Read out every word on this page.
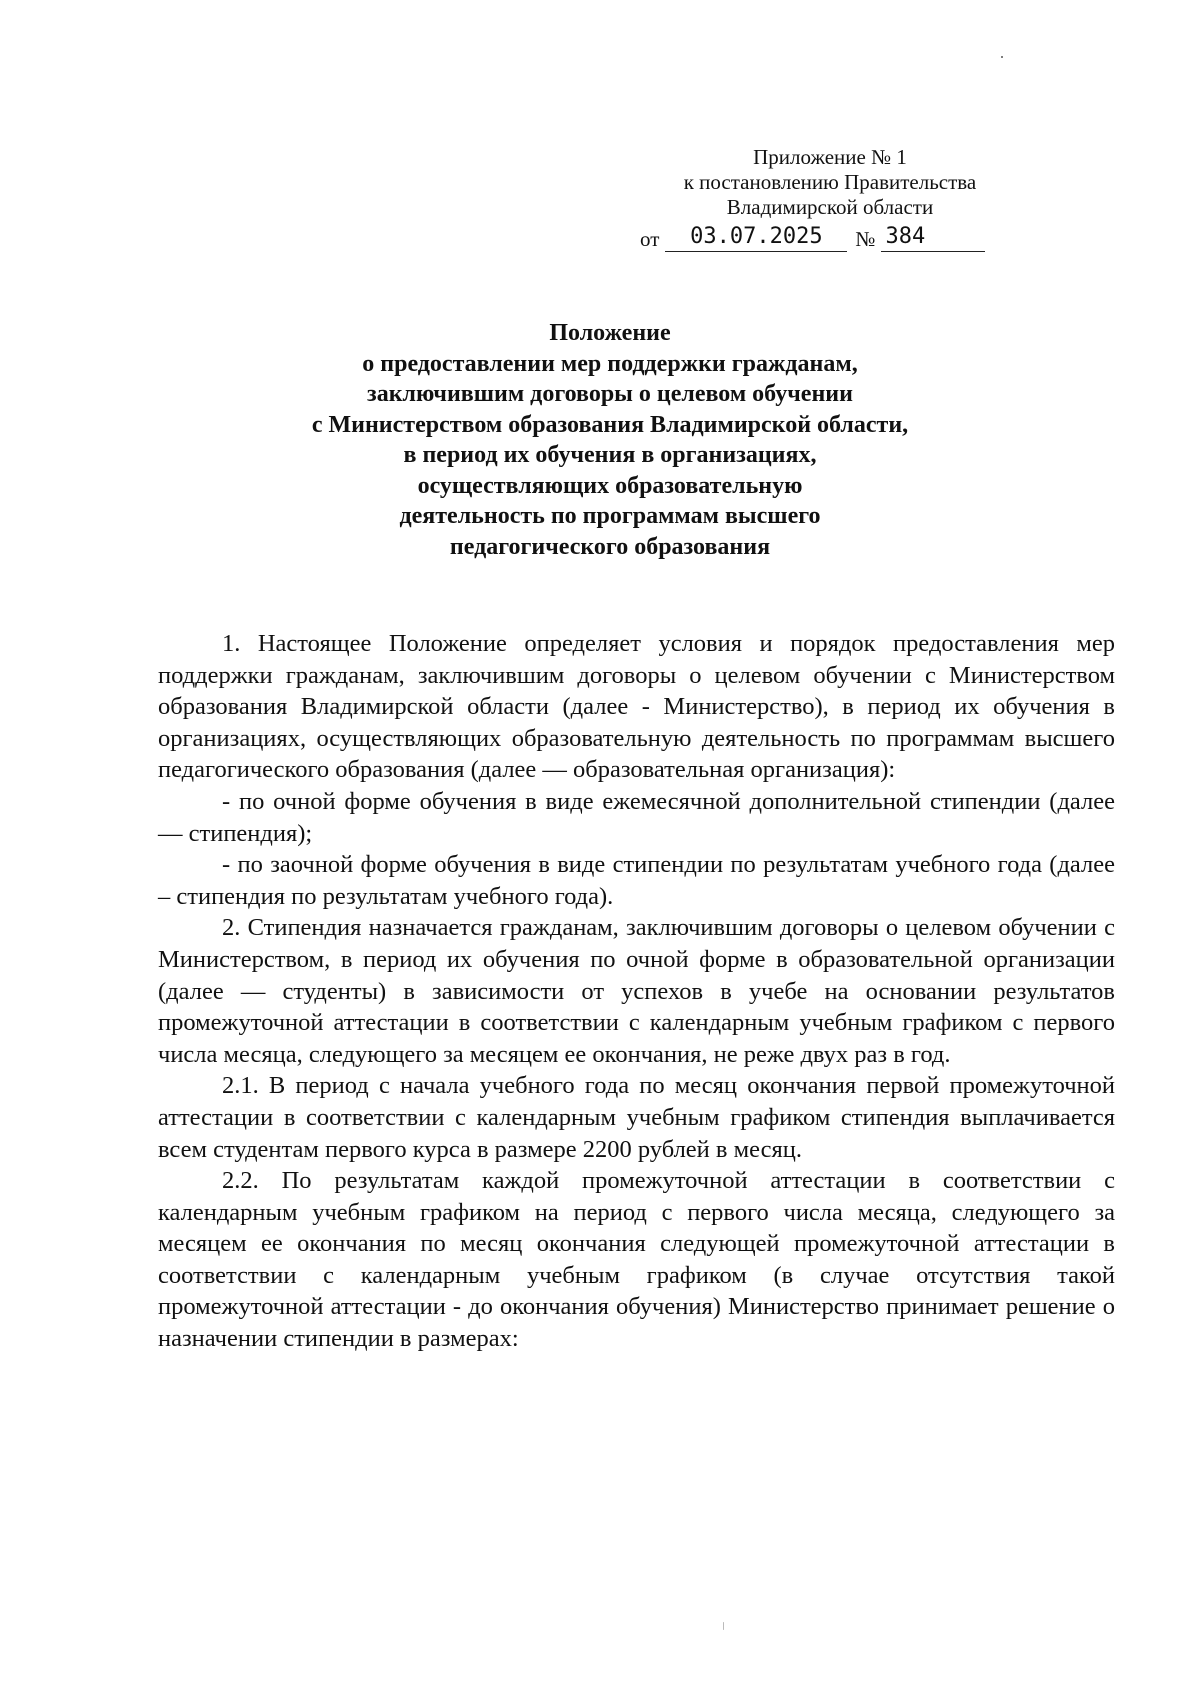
Приложение № 1
к постановлению Правительства
Владимирской области
от	03.07.2025	№ 384
Положение
о предоставлении мер поддержки гражданам,
заключившим договоры о целевом обучении
с Министерством образования Владимирской области,
в период их обучения в организациях,
осуществляющих образовательную
деятельность по программам высшего
педагогического образования

1. Настоящее Положение определяет условия и порядок предоставления мер поддержки гражданам, заключившим договоры о целевом обучении с Министерством образования Владимирской области (далее - Министерство), в период их обучения в организациях, осуществляющих образовательную деятельность по программам высшего педагогического образования (далее — образовательная организация):

- по очной форме обучения в виде ежемесячной дополнительной стипендии (далее — стипендия);

- по заочной форме обучения в виде стипендии по результатам учебного года (далее – стипендия по результатам учебного года).

2. Стипендия назначается гражданам, заключившим договоры о целевом обучении с Министерством, в период их обучения по очной форме в образовательной организации (далее — студенты) в зависимости от успехов в учебе на основании результатов промежуточной аттестации в соответствии с календарным учебным графиком с первого числа месяца, следующего за месяцем ее окончания, не реже двух раз в год.

2.1. В период с начала учебного года по месяц окончания первой промежуточной аттестации в соответствии с календарным учебным графиком стипендия выплачивается всем студентам первого курса в размере 2200 рублей в месяц.

2.2. По результатам каждой промежуточной аттестации в соответствии с календарным учебным графиком на период с первого числа месяца, следующего за месяцем ее окончания по месяц окончания следующей промежуточной аттестации в соответствии с календарным учебным графиком (в случае отсутствия такой промежуточной аттестации - до окончания обучения) Министерство принимает решение о назначении стипендии в размерах:
